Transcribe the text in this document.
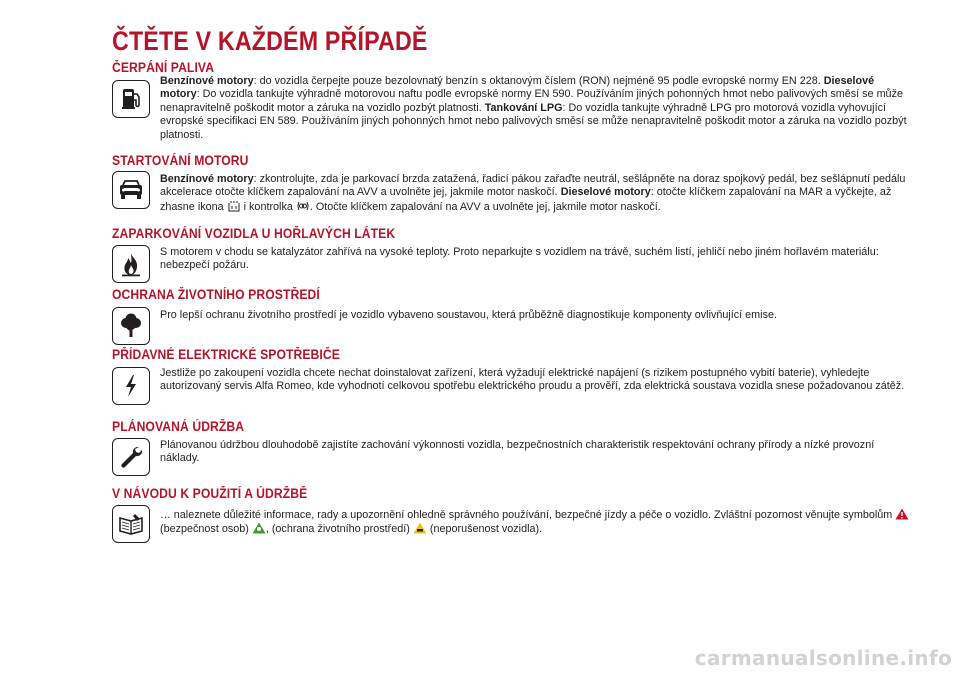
ČTĚTE V KAŽDÉM PŘÍPADĚ
ČERPÁNÍ PALIVA
Benzínové motory: do vozidla čerpejte pouze bezolovnatý benzín s oktanovým číslem (RON) nejméně 95 podle evropské normy EN 228. Dieselové motory: Do vozidla tankujte výhradně motorovou naftu podle evropské normy EN 590. Používáním jiných pohonných hmot nebo palivových směsí se může nenapravitelně poškodit motor a záruka na vozidlo pozbýt platnosti. Tankování LPG: Do vozidla tankujte výhradně LPG pro motorová vozidla vyhovující evropské specifikaci EN 589. Používáním jiných pohonných hmot nebo palivových směsí se může nenapravitelně poškodit motor a záruka na vozidlo pozbýt platnosti.
STARTOVÁNÍ MOTORU
Benzínové motory: zkontrolujte, zda je parkovací brzda zatažená, řadicí pákou zařaďte neutrál, sešlápněte na doraz spojkový pedál, bez sešlápnutí pedálu akcelerace otočte klíčkem zapalování na AVV a uvolněte jej, jakmile motor naskočí. Dieselové motory: otočte klíčkem zapalování na MAR a vyčkejte, až zhasne ikona  i kontrolka . Otočte klíčkem zapalování na AVV a uvolněte jej, jakmile motor naskočí.
ZAPARKOVÁNÍ VOZIDLA U HOŘLAVÝCH LÁTEK
S motorem v chodu se katalyzátor zahřívá na vysoké teploty. Proto neparkujte s vozidlem na trávě, suchém listí, jehličí nebo jiném hořlavém materiálu: nebezpečí požáru.
OCHRANA ŽIVOTNÍHO PROSTŘEDÍ
Pro lepší ochranu životního prostředí je vozidlo vybaveno soustavou, která průběžně diagnostikuje komponenty ovlivňující emise.
PŘÍDAVNÉ ELEKTRICKÉ SPOTŘEBIČE
Jestliže po zakoupení vozidla chcete nechat doinstalovat zařízení, která vyžadují elektrické napájení (s rizikem postupného vybití baterie), vyhledejte autorizovaný servis Alfa Romeo, kde vyhodnotí celkovou spotřebu elektrického proudu a prověří, zda elektrická soustava vozidla snese požadovanou zátěž.
PLÁNOVANÁ ÚDRŽBA
Plánovanou údržbou dlouhodobě zajistíte zachování výkonnosti vozidla, bezpečnostních charakteristik respektování ochrany přírody a nízké provozní náklady.
V NÁVODU K POUŽITÍ A ÚDRŽBĚ
… naleznete důležité informace, rady a upozornění ohledně správného používání, bezpečné jízdy a péče o vozidlo. Zvláštní pozornost věnujte symbolům  (bezpečnost osob) , (ochrana životního prostředí)  (neporušenost vozidla).
carmanualsonline.info
